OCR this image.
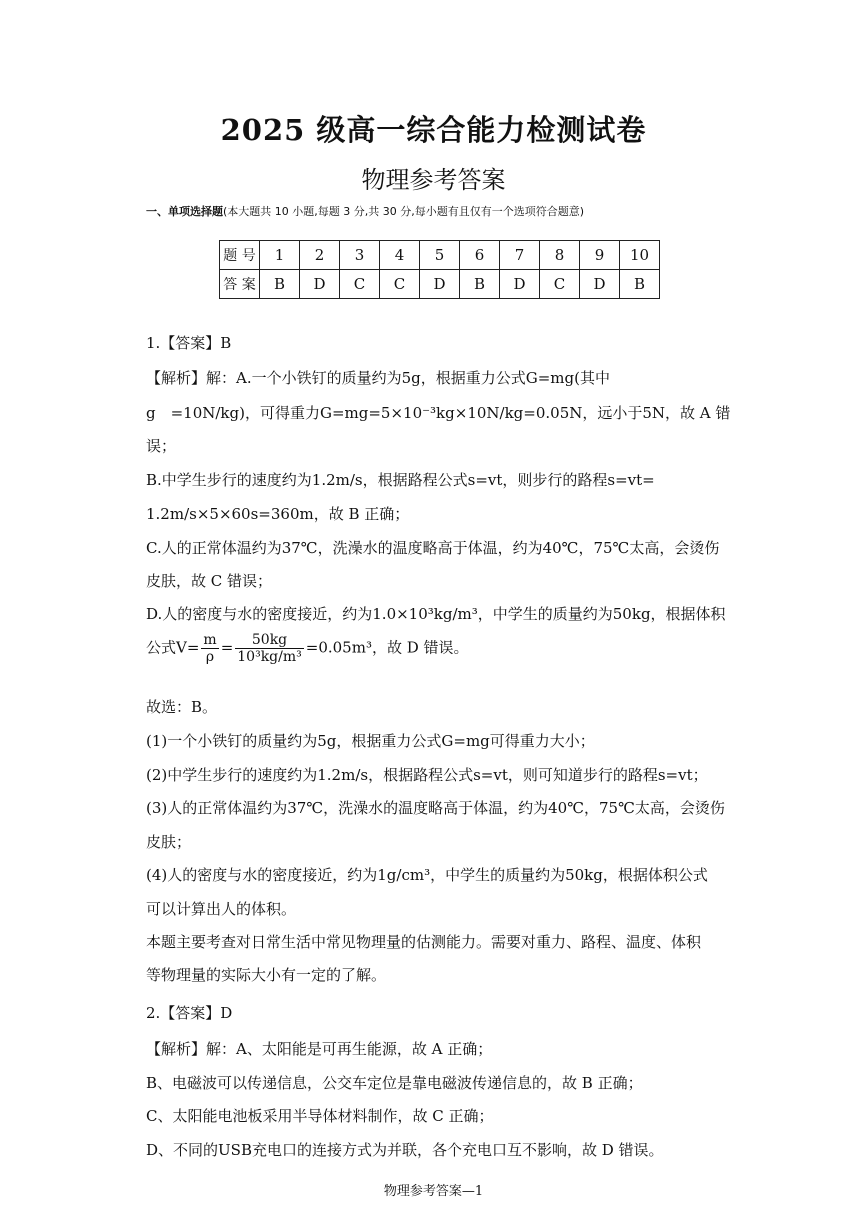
2025 级高一综合能力检测试卷
物理参考答案
一、单项选择题(本大题共 10 小题,每题 3 分,共 30 分,每小题有且仅有一个选项符合题意)
题 号	1	2	3	4	5	6	7	8	9	10
答 案	B	D	C	C	D	B	D	C	D	B
1.【答案】B
【解析】解：A.一个小铁钉的质量约为5g，根据重力公式G=mg(其中
g　=10N/kg)，可得重力G=mg=5×10⁻³kg×10N/kg=0.05N，远小于5N，故 A 错
误；
B.中学生步行的速度约为1.2m/s，根据路程公式s=vt，则步行的路程s=vt=
1.2m/s×5×60s=360m，故 B 正确；
C.人的正常体温约为37℃，洗澡水的温度略高于体温，约为40℃，75℃太高，会烫伤
皮肤，故 C 错误；
D.人的密度与水的密度接近，约为1.0×10³kg/m³，中学生的质量约为50kg，根据体积
公式$V= \frac{m}{\rho} = \frac{50kg}{\text{10³kg/m³}} =0.05m^3$，故 D 错误。
故选：B。
(1)一个小铁钉的质量约为5g，根据重力公式G=mg可得重力大小；
(2)中学生步行的速度约为1.2m/s，根据路程公式s=vt，则可知道步行的路程s=vt；
(3)人的正常体温约为37℃，洗澡水的温度略高于体温，约为40℃，75℃太高，会烫伤
皮肤；
(4)人的密度与水的密度接近，约为1g/cm³，中学生的质量约为50kg，根据体积公式
可以计算出人的体积。
本题主要考查对日常生活中常见物理量的估测能力。需要对重力、路程、温度、体积
等物理量的实际大小有一定的了解。
2.【答案】D
【解析】解：A、太阳能是可再生能源，故 A 正确；
B、电磁波可以传递信息，公交车定位是靠电磁波传递信息的，故 B 正确；
C、太阳能电池板采用半导体材料制作，故 C 正确；
D、不同的USB充电口的连接方式为并联，各个充电口互不影响，故 D 错误。
物理参考答案—1
